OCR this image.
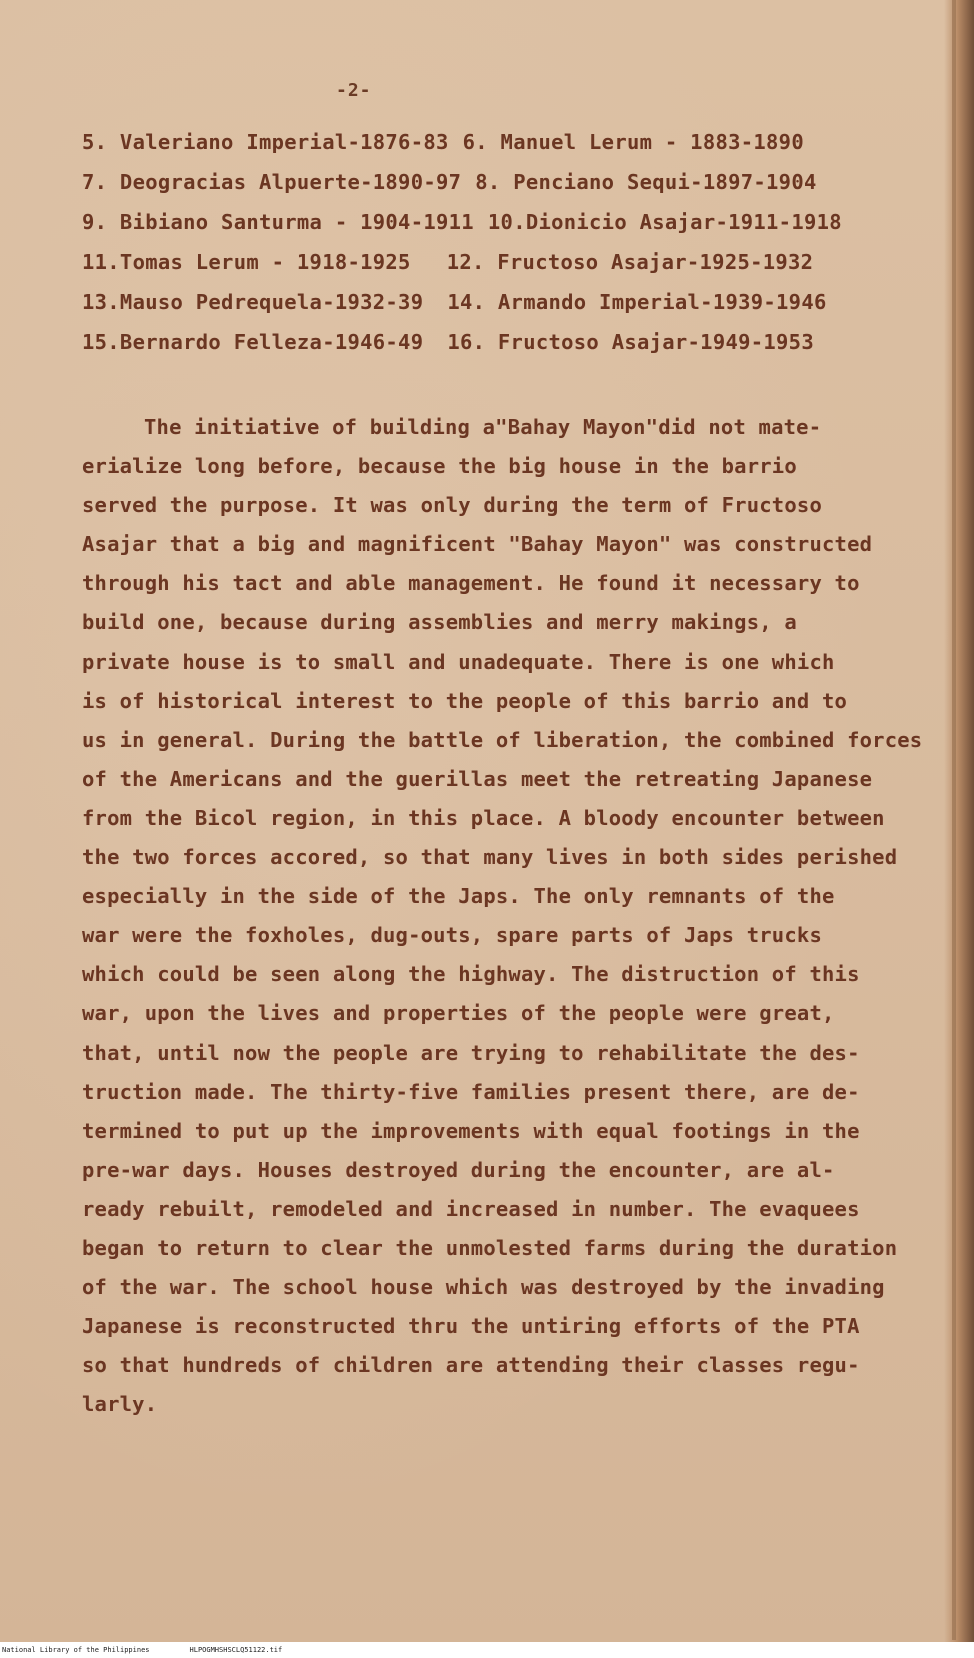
-2-
5. Valeriano Imperial-1876-83 6. Manuel Lerum - 1883-1890
7. Deogracias Alpuerte-1890-97 8. Penciano Sequi-1897-1904
9. Bibiano Santurma - 1904-1911 10.Dionicio Asajar-1911-1918
11.Tomas Lerum - 1918-1925 12. Fructoso Asajar-1925-1932
13.Mauso Pedrequela-1932-39 14. Armando Imperial-1939-1946
15.Bernardo Felleza-1946-49 16. Fructoso Asajar-1949-1953
The initiative of building a"Bahay Mayon"did not mate-
erialize long before, because the big house in the barrio
served the purpose. It was only during the term of Fructoso
Asajar that a big and magnificent "Bahay Mayon" was constructed
through his tact and able management. He found it necessary to
build one, because during assemblies and merry makings, a
private house is to small and unadequate. There is one which
is of historical interest to the people of this barrio and to
us in general. During the battle of liberation, the combined forces
of the Americans and the guerillas meet the retreating Japanese
from the Bicol region, in this place. A bloody encounter between
the two forces accored, so that many lives in both sides perished
especially in the side of the Japs. The only remnants of the
war were the foxholes, dug-outs, spare parts of Japs trucks
which could be seen along the highway. The distruction of this
war, upon the lives and properties of the people were great,
that, until now the people are trying to rehabilitate the des-
truction made. The thirty-five families present there, are de-
termined to put up the improvements with equal footings in the
pre-war days. Houses destroyed during the encounter, are al-
ready rebuilt, remodeled and increased in number. The evaquees
began to return to clear the unmolested farms during the duration
of the war. The school house which was destroyed by the invading
Japanese is reconstructed thru the untiring efforts of the PTA
so that hundreds of children are attending their classes regu-
larly.
National Library of the Philippines	HLPOGMHSHSCLQ51122.tif
